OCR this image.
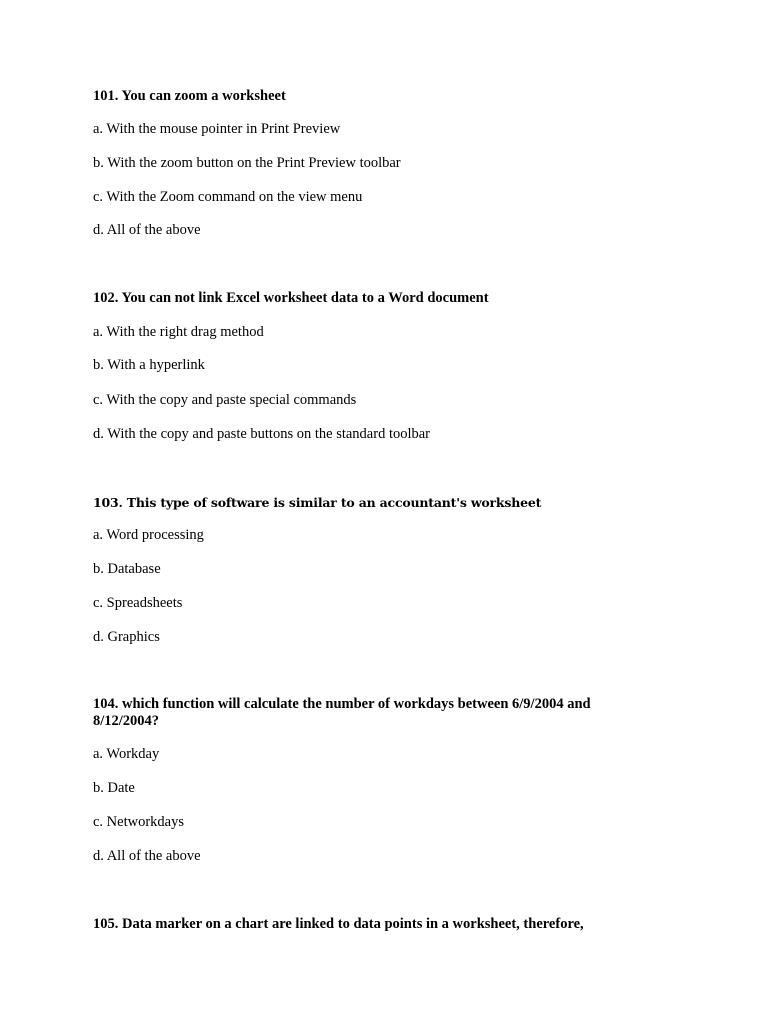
101. You can zoom a worksheet
a. With the mouse pointer in Print Preview
b. With the zoom button on the Print Preview toolbar
c. With the Zoom command on the view menu
d. All of the above
102. You can not link Excel worksheet data to a Word document
a. With the right drag method
b. With a hyperlink
c. With the copy and paste special commands
d. With the copy and paste buttons on the standard toolbar
103. This type of software is similar to an accountant's worksheet
a. Word processing
b. Database
c. Spreadsheets
d. Graphics
104. which function will calculate the number of workdays between 6/9/2004 and 8/12/2004?
a. Workday
b. Date
c. Networkdays
d. All of the above
105. Data marker on a chart are linked to data points in a worksheet, therefore,
